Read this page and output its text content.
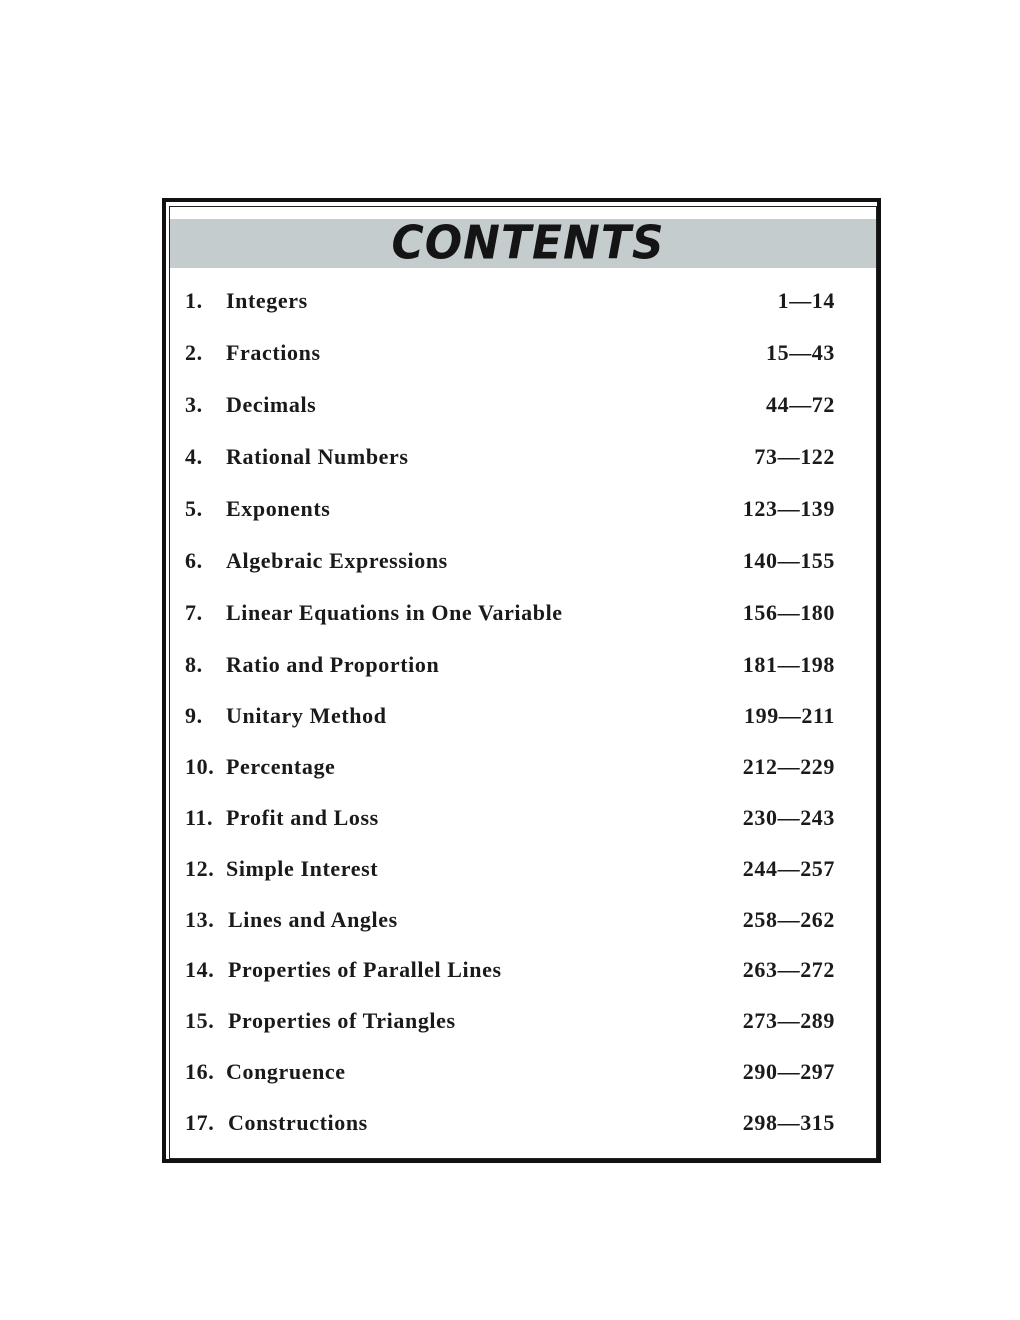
CONTENTS
1. Integers	1—14
2. Fractions	15—43
3. Decimals	44—72
4. Rational Numbers	73—122
5. Exponents	123—139
6. Algebraic Expressions	140—155
7. Linear Equations in One Variable	156—180
8. Ratio and Proportion	181—198
9. Unitary Method	199—211
10. Percentage	212—229
11. Profit and Loss	230—243
12. Simple Interest	244—257
13. Lines and Angles	258—262
14. Properties of Parallel Lines	263—272
15. Properties of Triangles	273—289
16. Congruence	290—297
17. Constructions	298—315
